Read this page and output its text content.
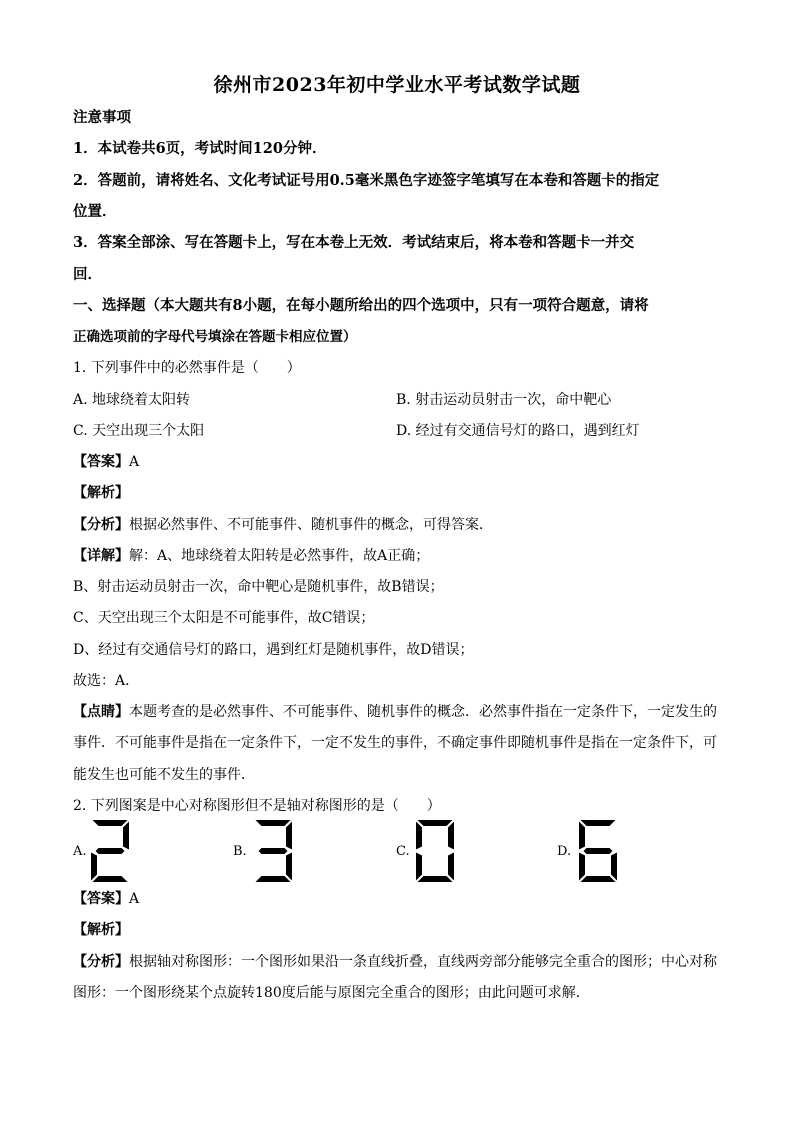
徐州市2023年初中学业水平考试数学试题
注意事项
1．本试卷共6页，考试时间120分钟．
2．答题前，请将姓名、文化考试证号用0.5毫米黑色字迹签字笔填写在本卷和答题卡的指定
位置．
3．答案全部涂、写在答题卡上，写在本卷上无效．考试结束后，将本卷和答题卡一并交
回．
一、选择题（本大题共有8小题，在每小题所给出的四个选项中，只有一项符合题意，请将
正确选项前的字母代号填涂在答题卡相应位置）
1. 下列事件中的必然事件是（　　）
A. 地球绕着太阳转	B. 射击运动员射击一次，命中靶心
C. 天空出现三个太阳	D. 经过有交通信号灯的路口，遇到红灯
【答案】A
【解析】
【分析】根据必然事件、不可能事件、随机事件的概念，可得答案．
【详解】解：A、地球绕着太阳转是必然事件，故A正确；
B、射击运动员射击一次，命中靶心是随机事件，故B错误；
C、天空出现三个太阳是不可能事件，故C错误；
D、经过有交通信号灯的路口，遇到红灯是随机事件，故D错误；
故选：A．
【点睛】本题考查的是必然事件、不可能事件、随机事件的概念．必然事件指在一定条件下，一定发生的
事件．不可能事件是指在一定条件下，一定不发生的事件，不确定事件即随机事件是指在一定条件下，可
能发生也可能不发生的事件．
2. 下列图案是中心对称图形但不是轴对称图形的是（　　）
A.	B.	C.	D.
【答案】A
【解析】
【分析】根据轴对称图形：一个图形如果沿一条直线折叠，直线两旁部分能够完全重合的图形；中心对称
图形：一个图形绕某个点旋转180度后能与原图完全重合的图形；由此问题可求解．
